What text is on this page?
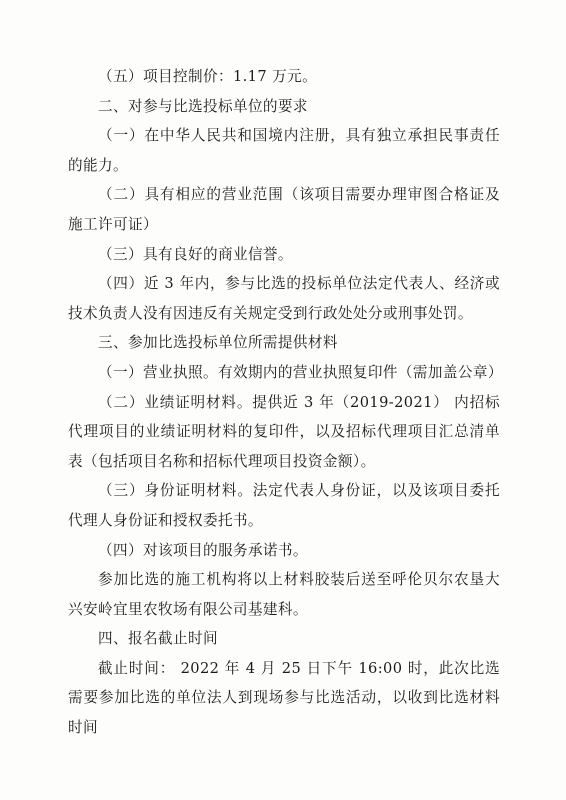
（五）项目控制价：1.17 万元。

二、对参与比选投标单位的要求

（一）在中华人民共和国境内注册，具有独立承担民事责任的能力。

（二）具有相应的营业范围（该项目需要办理审图合格证及施工许可证）

（三）具有良好的商业信誉。

（四）近 3 年内，参与比选的投标单位法定代表人、经济或技术负责人没有因违反有关规定受到行政处处分或刑事处罚。

三、参加比选投标单位所需提供材料

（一）营业执照。有效期内的营业执照复印件（需加盖公章）

（二）业绩证明材料。提供近 3 年（2019-2021） 内招标代理项目的业绩证明材料的复印件，以及招标代理项目汇总清单表（包括项目名称和招标代理项目投资金额）。

（三）身份证明材料。法定代表人身份证，以及该项目委托代理人身份证和授权委托书。

（四）对该项目的服务承诺书。

参加比选的施工机构将以上材料胶装后送至呼伦贝尔农垦大兴安岭宜里农牧场有限公司基建科。

四、报名截止时间

截止时间： 2022 年 4 月 25 日下午 16:00 时，此次比选需要参加比选的单位法人到现场参与比选活动，以收到比选材料时间
